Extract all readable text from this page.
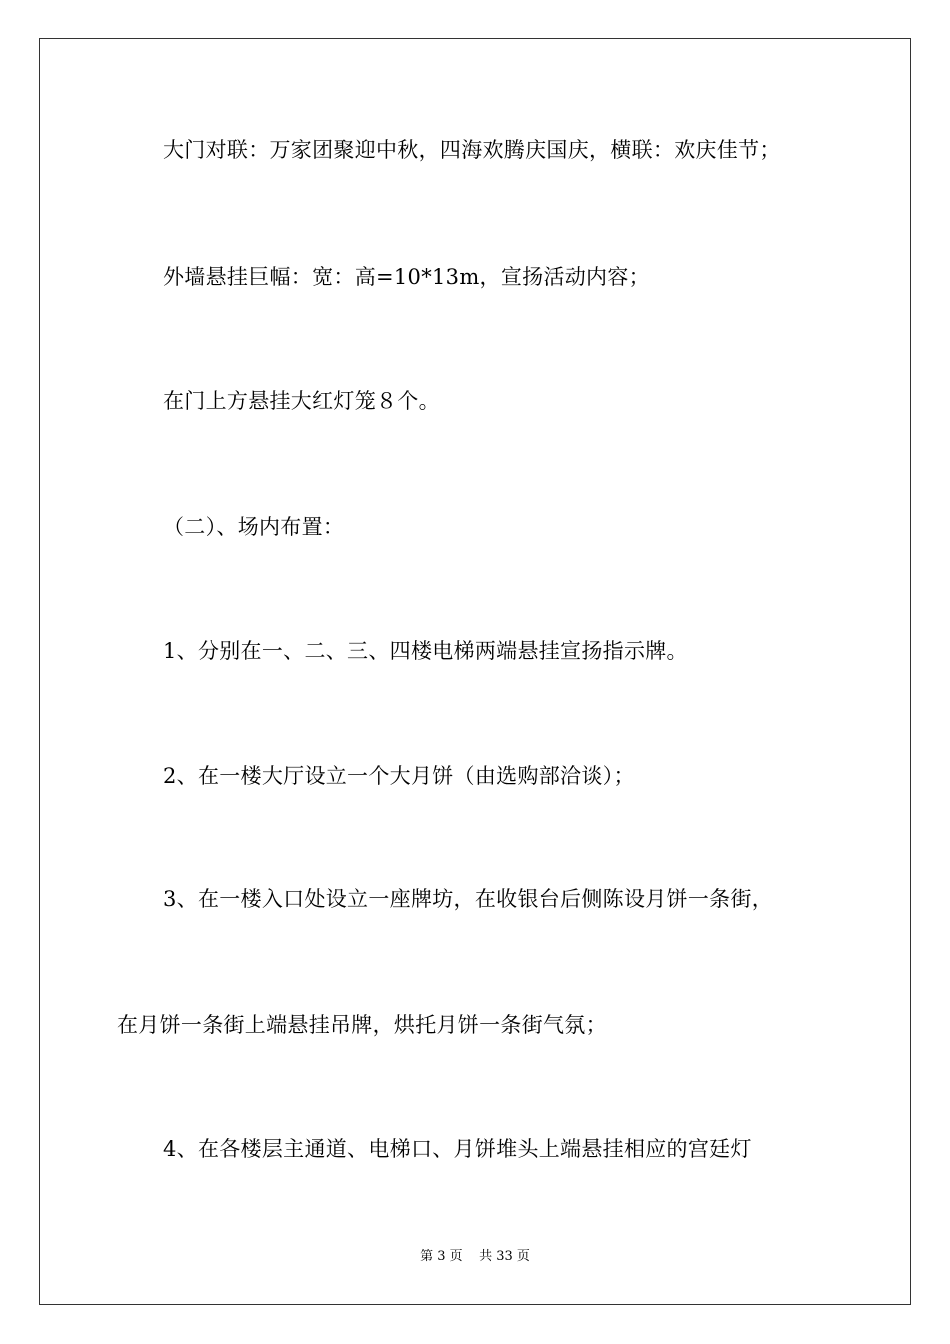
大门对联：万家团聚迎中秋，四海欢腾庆国庆，横联：欢庆佳节；
外墙悬挂巨幅：宽：高=10*13m，宣扬活动内容；
在门上方悬挂大红灯笼８个。
（二）、场内布置：
1、分别在一、二、三、四楼电梯两端悬挂宣扬指示牌。
2、在一楼大厅设立一个大月饼（由选购部洽谈）；
3、在一楼入口处设立一座牌坊，在收银台后侧陈设月饼一条街，
在月饼一条街上端悬挂吊牌，烘托月饼一条街气氛；
4、在各楼层主通道、电梯口、月饼堆头上端悬挂相应的宫廷灯
第 3 页    共 33 页
